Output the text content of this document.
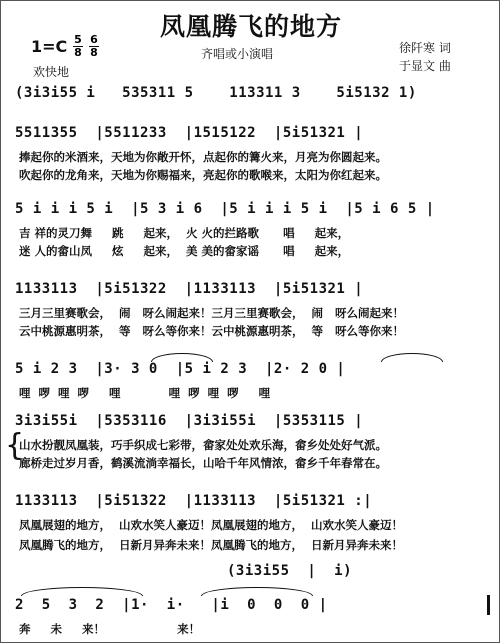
凤凰腾飞的地方
1=C 5
8
6
8
欢快地
齐唱或小演唱	徐阡寒 词
于显文 曲
(3i3i55 i   535311 5    113311 3    5i5132 1)
5511355  |5511233  |1515122  |5i51321 |
捧起你的米酒来，天地为你敞开怀，点起你的篝火来，月亮为你圆起来。
吹起你的龙角来，天地为你赐福来，亮起你的歌喉来，太阳为你红起来。
5 i i i 5 i  |5 3 i 6  |5 i i i 5 i  |5 i 6 5 |
吉 祥的灵刀舞     跳     起来，  火 火的拦路歌      唱     起来，
迷 人的畲山凤     炫     起来，  美 美的畲家谣      唱     起来，
1133113  |5i51322  |1133113  |5i51321 |
三月三里赛歌会，  闹   呀么闹起来！三月三里赛歌会，  闹   呀么闹起来！
云中桃源惠明茶，  等   呀么等你来！云中桃源惠明茶，  等   呀么等你来！
5 i 2 3  |3· 3 0  |5 i 2 3  |2· 2 0 |
哩  啰  哩  啰     哩            哩  啰  哩  啰     哩
3i3i55i  |5353116  |3i3i55i  |5353115 |
{
山水扮靓凤凰装，巧手织成七彩带，畲家处处欢乐海，畲乡处处好气派。
廊桥走过岁月香，鹤溪流淌幸福长，山哈千年风情浓，畲乡千年春常在。
1133113  |5i51322  |1133113  |5i51321 :|
凤凰展翅的地方，  山欢水笑人豪迈！凤凰展翅的地方，  山欢水笑人豪迈！
凤凰腾飞的地方，  日新月异奔未来！凤凰腾飞的地方，  日新月异奔未来！
(3i3i55  |  i)
2  5  3  2  |1·  i·   |i  0  0  0 |
奔     未     来！                  来！
